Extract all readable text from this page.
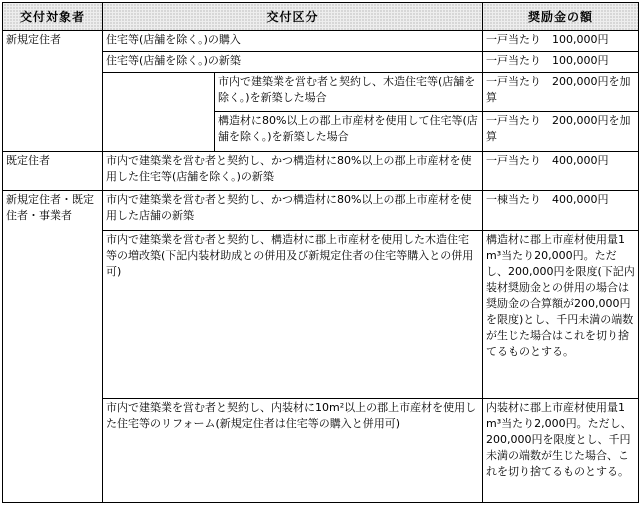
交付対象者	交付区分		奨励金の額
新規定住者	住宅等(店舗を除く。)の購入		一戸当たり　100,000円
	住宅等(店舗を除く。)の新築		一戸当たり　100,000円
		市内で建築業を営む者と契約し、木造住宅等(店舗を除く。)を新築した場合	一戸当たり　200,000円を加算
		構造材に80%以上の郡上市産材を使用して住宅等(店舗を除く。)を新築した場合	一戸当たり　200,000円を加算
既定住者	市内で建築業を営む者と契約し、かつ構造材に80%以上の郡上市産材を使用した住宅等(店舗を除く。)の新築		一戸当たり　400,000円
新規定住者・既定住者・事業者	市内で建築業を営む者と契約し、かつ構造材に80%以上の郡上市産材を使用した店舗の新築		一棟当たり　400,000円
	市内で建築業を営む者と契約し、構造材に郡上市産材を使用した木造住宅等の増改築(下記内装材助成との併用及び新規定住者の住宅等購入との併用可)		構造材に郡上市産材使用量1m³当たり20,000円。ただし、200,000円を限度(下記内装材奨励金との併用の場合は奨励金の合算額が200,000円を限度)とし、千円未満の端数が生じた場合はこれを切り捨てるものとする。
	市内で建築業を営む者と契約し、内装材に10m²以上の郡上市産材を使用した住宅等のリフォーム(新規定住者は住宅等の購入と併用可)		内装材に郡上市産材使用量1m³当たり2,000円。ただし、200,000円を限度とし、千円未満の端数が生じた場合、これを切り捨てるものとする。
